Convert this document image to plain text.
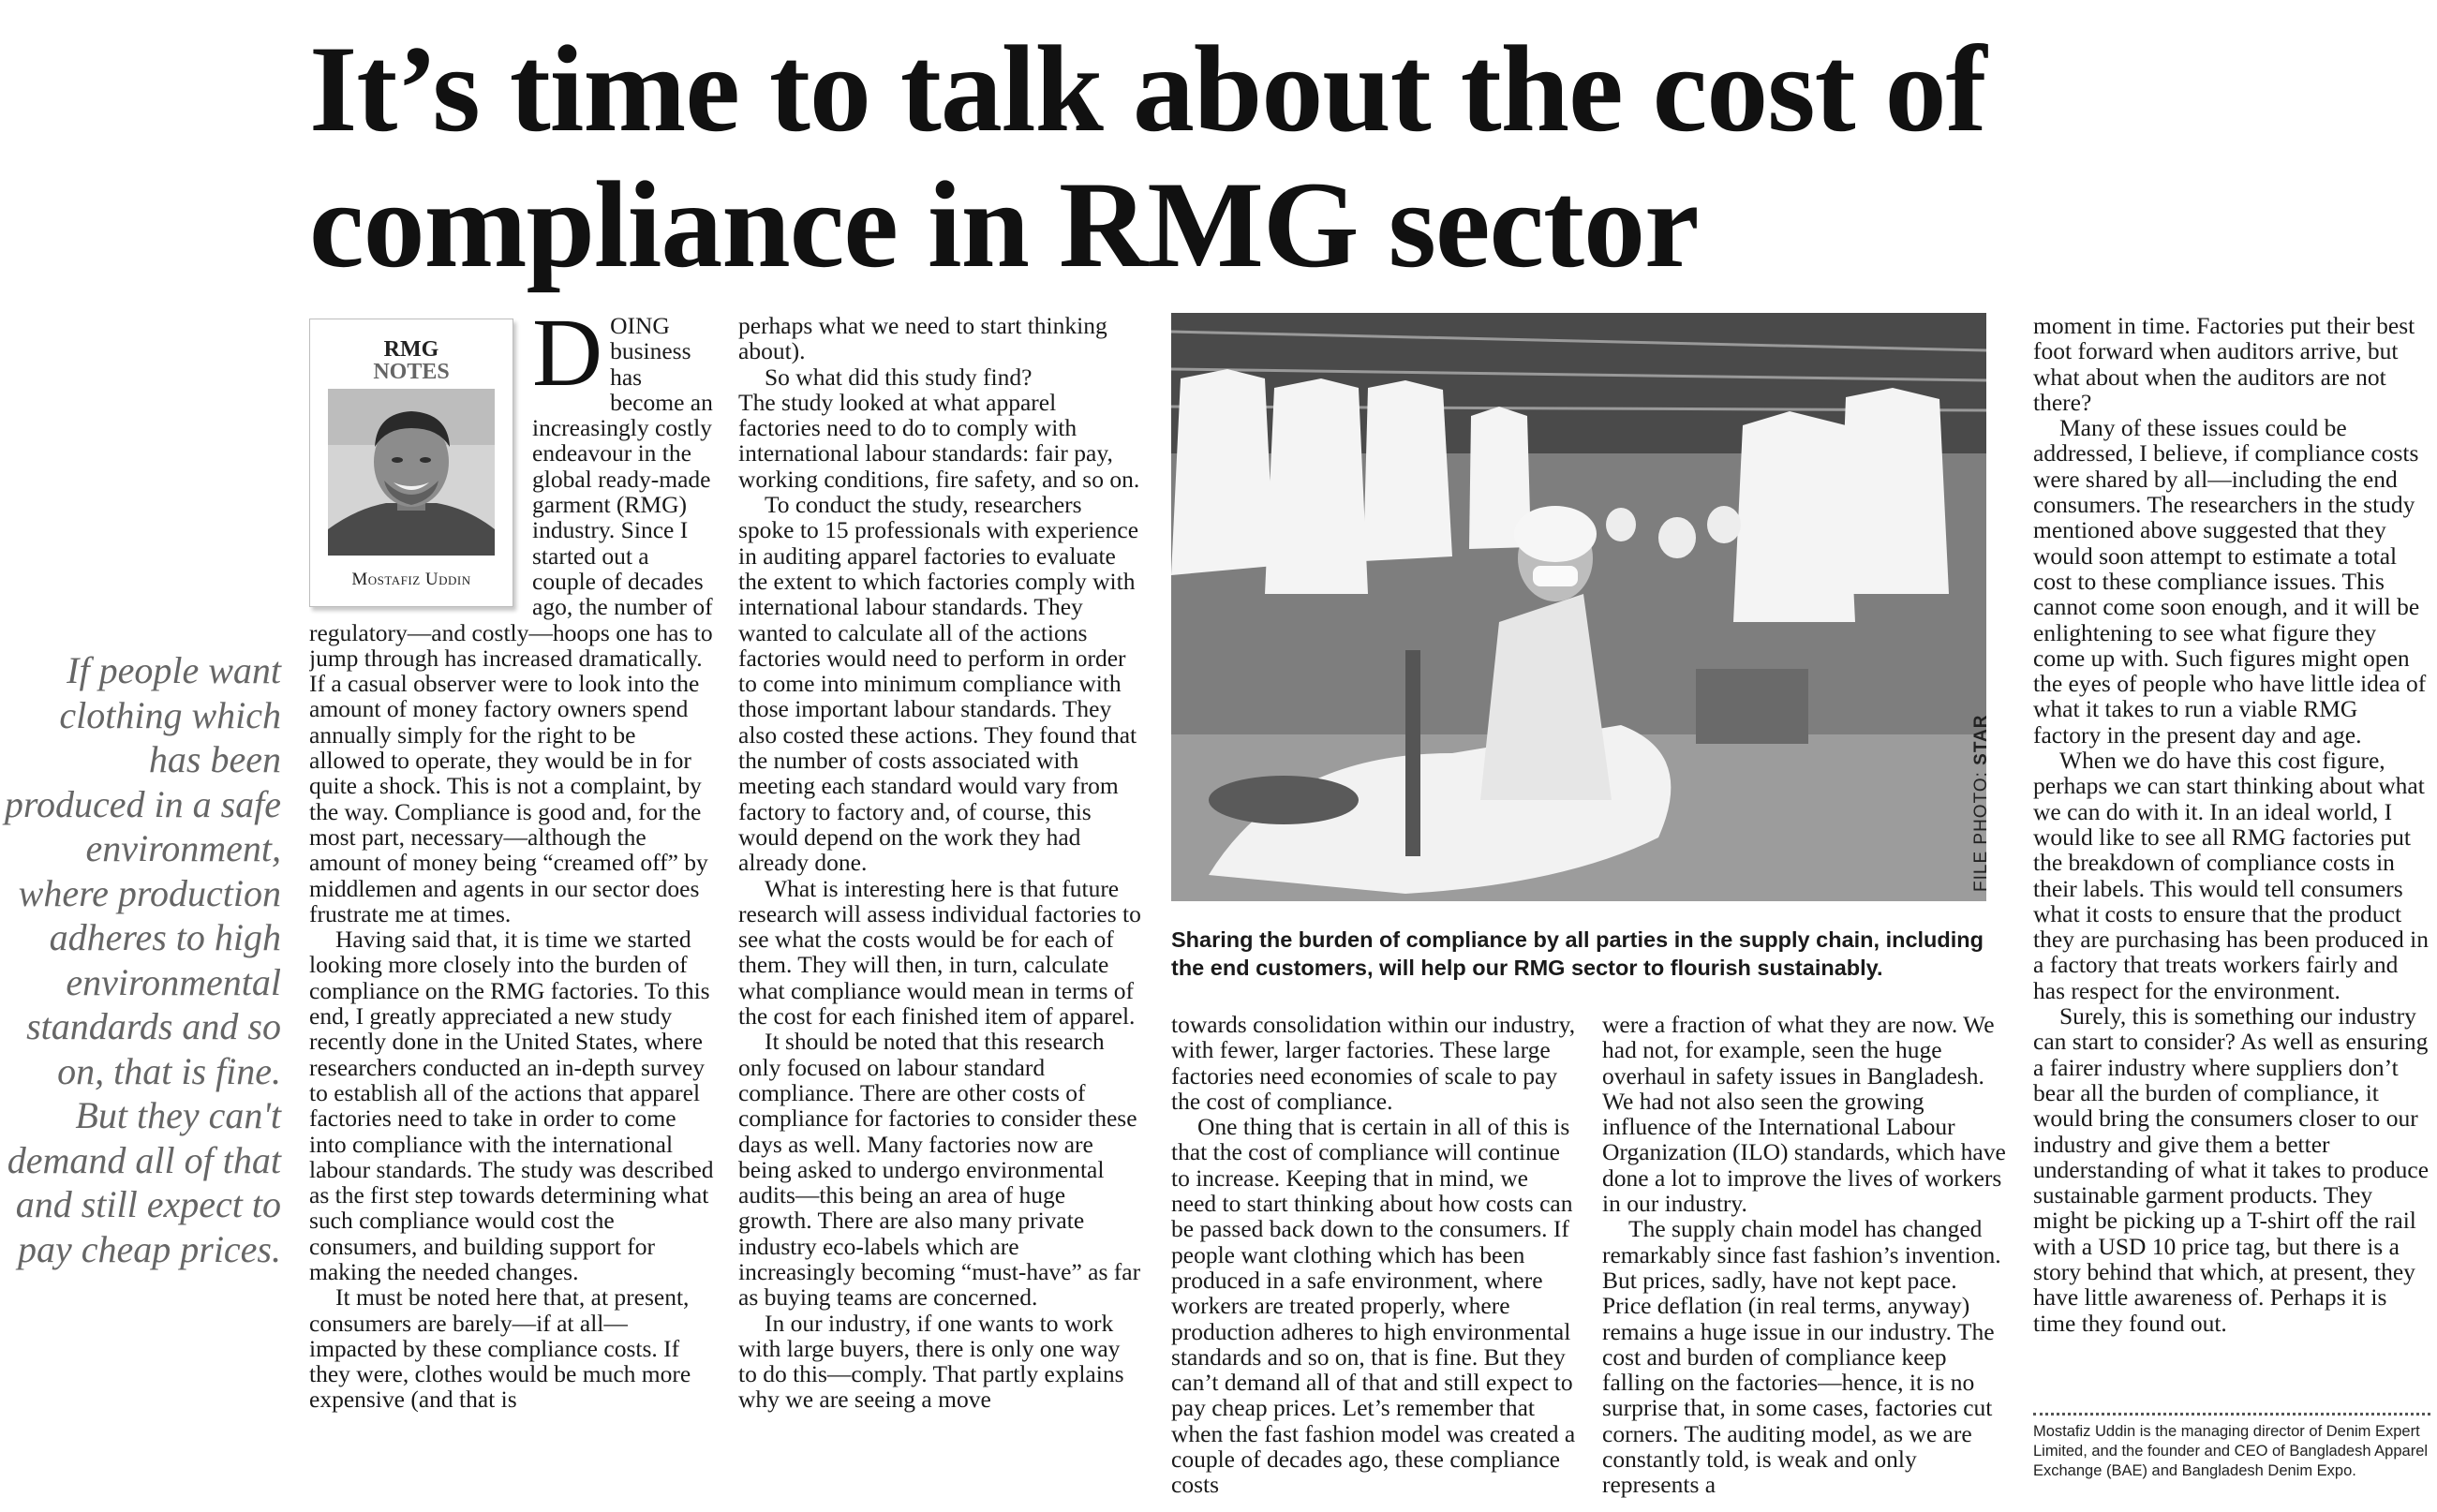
It’s time to talk about the cost of compliance in RMG sector

If people want clothing which has been produced in a safe environment, where production adheres to high environmental standards and so on, that is fine. But they can't demand all of that and still expect to pay cheap prices.

RMG
NOTES
Mostafiz Uddin
D OING business has become an increasingly costly endeavour in the global ready-made garment (RMG) industry. Since I started out a couple of decades ago, the number of regulatory—and costly—hoops one has to jump through has increased dramatically. If a casual observer were to look into the amount of money factory owners spend annually simply for the right to be allowed to operate, they would be in for quite a shock. This is not a complaint, by the way. Compliance is good and, for the most part, necessary—although the amount of money being “creamed off” by middlemen and agents in our sector does frustrate me at times.

Having said that, it is time we started looking more closely into the burden of compliance on the RMG factories. To this end, I greatly appreciated a new study recently done in the United States, where researchers conducted an in-depth survey to establish all of the actions that apparel factories need to take in order to come into compliance with the international labour standards. The study was described as the first step towards determining what such compliance would cost the consumers, and building support for making the needed changes.

It must be noted here that, at present, consumers are barely—if at all—impacted by these compliance costs. If they were, clothes would be much more expensive (and that is

perhaps what we need to start thinking about).

So what did this study find?

The study looked at what apparel factories need to do to comply with international labour standards: fair pay, working conditions, fire safety, and so on.

To conduct the study, researchers spoke to 15 professionals with experience in auditing apparel factories to evaluate the extent to which factories comply with international labour standards. They wanted to calculate all of the actions factories would need to perform in order to come into minimum compliance with those important labour standards. They also costed these actions. They found that the number of costs associated with meeting each standard would vary from factory to factory and, of course, this would depend on the work they had already done.

What is interesting here is that future research will assess individual factories to see what the costs would be for each of them. They will then, in turn, calculate what compliance would mean in terms of the cost for each finished item of apparel.

It should be noted that this research only focused on labour standard compliance. There are other costs of compliance for factories to consider these days as well. Many factories now are being asked to undergo environmental audits—this being an area of huge growth. There are also many private industry eco-labels which are increasingly becoming “must-have” as far as buying teams are concerned.

In our industry, if one wants to work with large buyers, there is only one way to do this—comply. That partly explains why we are seeing a move

FILE PHOTO: STAR

Sharing the burden of compliance by all parties in the supply chain, including the end customers, will help our RMG sector to flourish sustainably.

towards consolidation within our industry, with fewer, larger factories. These large factories need economies of scale to pay the cost of compliance.

One thing that is certain in all of this is that the cost of compliance will continue to increase. Keeping that in mind, we need to start thinking about how costs can be passed back down to the consumers. If people want clothing which has been produced in a safe environment, where workers are treated properly, where production adheres to high environmental standards and so on, that is fine. But they can’t demand all of that and still expect to pay cheap prices. Let’s remember that when the fast fashion model was created a couple of decades ago, these compliance costs

were a fraction of what they are now. We had not, for example, seen the huge overhaul in safety issues in Bangladesh. We had not also seen the growing influence of the International Labour Organization (ILO) standards, which have done a lot to improve the lives of workers in our industry.

The supply chain model has changed remarkably since fast fashion’s invention. But prices, sadly, have not kept pace. Price deflation (in real terms, anyway) remains a huge issue in our industry. The cost and burden of compliance keep falling on the factories—hence, it is no surprise that, in some cases, factories cut corners. The auditing model, as we are constantly told, is weak and only represents a

moment in time. Factories put their best foot forward when auditors arrive, but what about when the auditors are not there?

Many of these issues could be addressed, I believe, if compliance costs were shared by all—including the end consumers. The researchers in the study mentioned above suggested that they would soon attempt to estimate a total cost to these compliance issues. This cannot come soon enough, and it will be enlightening to see what figure they come up with. Such figures might open the eyes of people who have little idea of what it takes to run a viable RMG factory in the present day and age.

When we do have this cost figure, perhaps we can start thinking about what we can do with it. In an ideal world, I would like to see all RMG factories put the breakdown of compliance costs in their labels. This would tell consumers what it costs to ensure that the product they are purchasing has been produced in a factory that treats workers fairly and has respect for the environment.

Surely, this is something our industry can start to consider? As well as ensuring a fairer industry where suppliers don’t bear all the burden of compliance, it would bring the consumers closer to our industry and give them a better understanding of what it takes to produce sustainable garment products. They might be picking up a T-shirt off the rail with a USD 10 price tag, but there is a story behind that which, at present, they have little awareness of. Perhaps it is time they found out.

Mostafiz Uddin is the managing director of Denim Expert Limited, and the founder and CEO of Bangladesh Apparel Exchange (BAE) and Bangladesh Denim Expo.
